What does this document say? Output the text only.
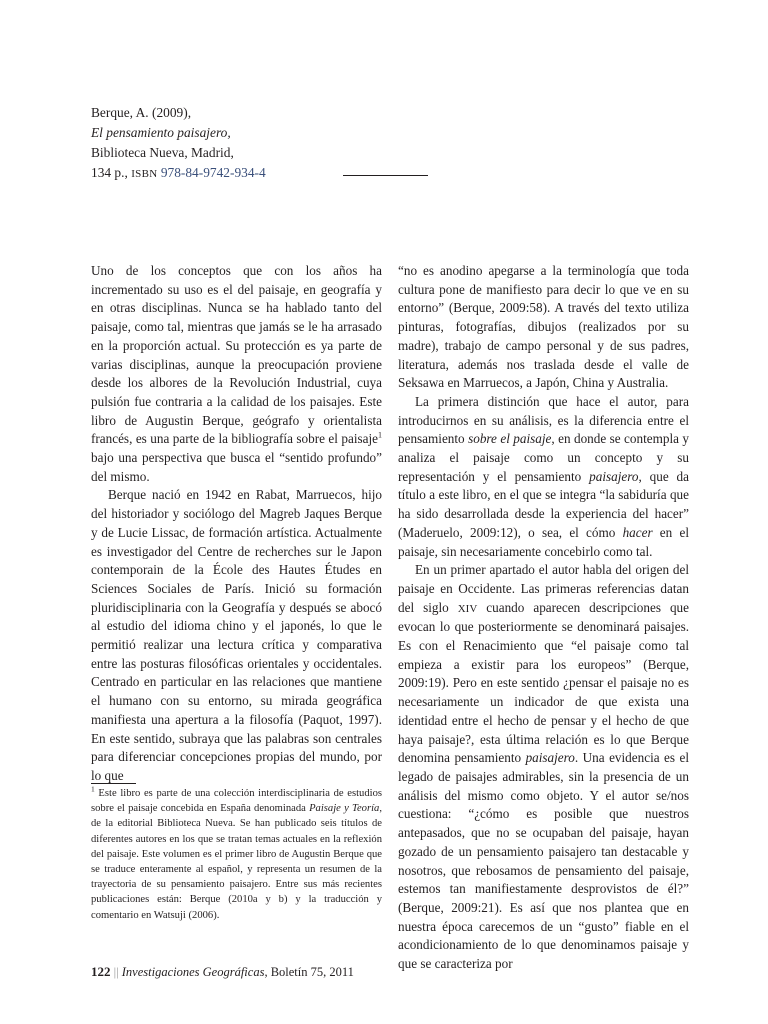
Berque, A. (2009),
El pensamiento paisajero,
Biblioteca Nueva, Madrid,
134 p., ISBN 978-84-9742-934-4

Uno de los conceptos que con los años ha incrementado su uso es el del paisaje, en geografía y en otras disciplinas. Nunca se ha hablado tanto del paisaje, como tal, mientras que jamás se le ha arrasado en la proporción actual. Su protección es ya parte de varias disciplinas, aunque la preocupación proviene desde los albores de la Revolución Industrial, cuya pulsión fue contraria a la calidad de los paisajes. Este libro de Augustin Berque, geógrafo y orientalista francés, es una parte de la bibliografía sobre el paisaje$^1$ bajo una perspectiva que busca el “sentido profundo” del mismo.

Berque nació en 1942 en Rabat, Marruecos, hijo del historiador y sociólogo del Magreb Jaques Berque y de Lucie Lissac, de formación artística. Actualmente es investigador del Centre de recherches sur le Japon contemporain de la École des Hautes Études en Sciences Sociales de París. Inició su formación pluridisciplinaria con la Geografía y después se abocó al estudio del idioma chino y el japonés, lo que le permitió realizar una lectura crítica y comparativa entre las posturas filosóficas orientales y occidentales. Centrado en particular en las relaciones que mantiene el humano con su entorno, su mirada geográfica manifiesta una apertura a la filosofía (Paquot, 1997). En este sentido, subraya que las palabras son centrales para diferenciar concepciones propias del mundo, por lo que

$^1$ Este libro es parte de una colección interdisciplinaria de estudios sobre el paisaje concebida en España denominada Paisaje y Teoría, de la editorial Biblioteca Nueva. Se han publicado seis títulos de diferentes autores en los que se tratan temas actuales en la reflexión del paisaje. Este volumen es el primer libro de Augustin Berque que se traduce enteramente al español, y representa un resumen de la trayectoria de su pensamiento paisajero. Entre sus más recientes publicaciones están: Berque (2010a y b) y la traducción y comentario en Watsuji (2006).

“no es anodino apegarse a la terminología que toda cultura pone de manifiesto para decir lo que ve en su entorno” (Berque, 2009:58). A través del texto utiliza pinturas, fotografías, dibujos (realizados por su madre), trabajo de campo personal y de sus padres, literatura, además nos traslada desde el valle de Seksawa en Marruecos, a Japón, China y Australia.

La primera distinción que hace el autor, para introducirnos en su análisis, es la diferencia entre el pensamiento sobre el paisaje, en donde se contempla y analiza el paisaje como un concepto y su representación y el pensamiento paisajero, que da título a este libro, en el que se integra “la sabiduría que ha sido desarrollada desde la experiencia del hacer” (Maderuelo, 2009:12), o sea, el cómo hacer en el paisaje, sin necesariamente concebirlo como tal.

En un primer apartado el autor habla del origen del paisaje en Occidente. Las primeras referencias datan del siglo XIV cuando aparecen descripciones que evocan lo que posteriormente se denominará paisajes. Es con el Renacimiento que “el paisaje como tal empieza a existir para los europeos” (Berque, 2009:19). Pero en este sentido ¿pensar el paisaje no es necesariamente un indicador de que exista una identidad entre el hecho de pensar y el hecho de que haya paisaje?, esta última relación es lo que Berque denomina pensamiento paisajero. Una evidencia es el legado de paisajes admirables, sin la presencia de un análisis del mismo como objeto. Y el autor se/nos cuestiona: “¿cómo es posible que nuestros antepasados, que no se ocupaban del paisaje, hayan gozado de un pensamiento paisajero tan destacable y nosotros, que rebosamos de pensamiento del paisaje, estemos tan manifiestamente desprovistos de él?” (Berque, 2009:21). Es así que nos plantea que en nuestra época carecemos de un “gusto” fiable en el acondicionamiento de lo que denominamos paisaje y que se caracteriza por

122 || Investigaciones Geográficas, Boletín 75, 2011
